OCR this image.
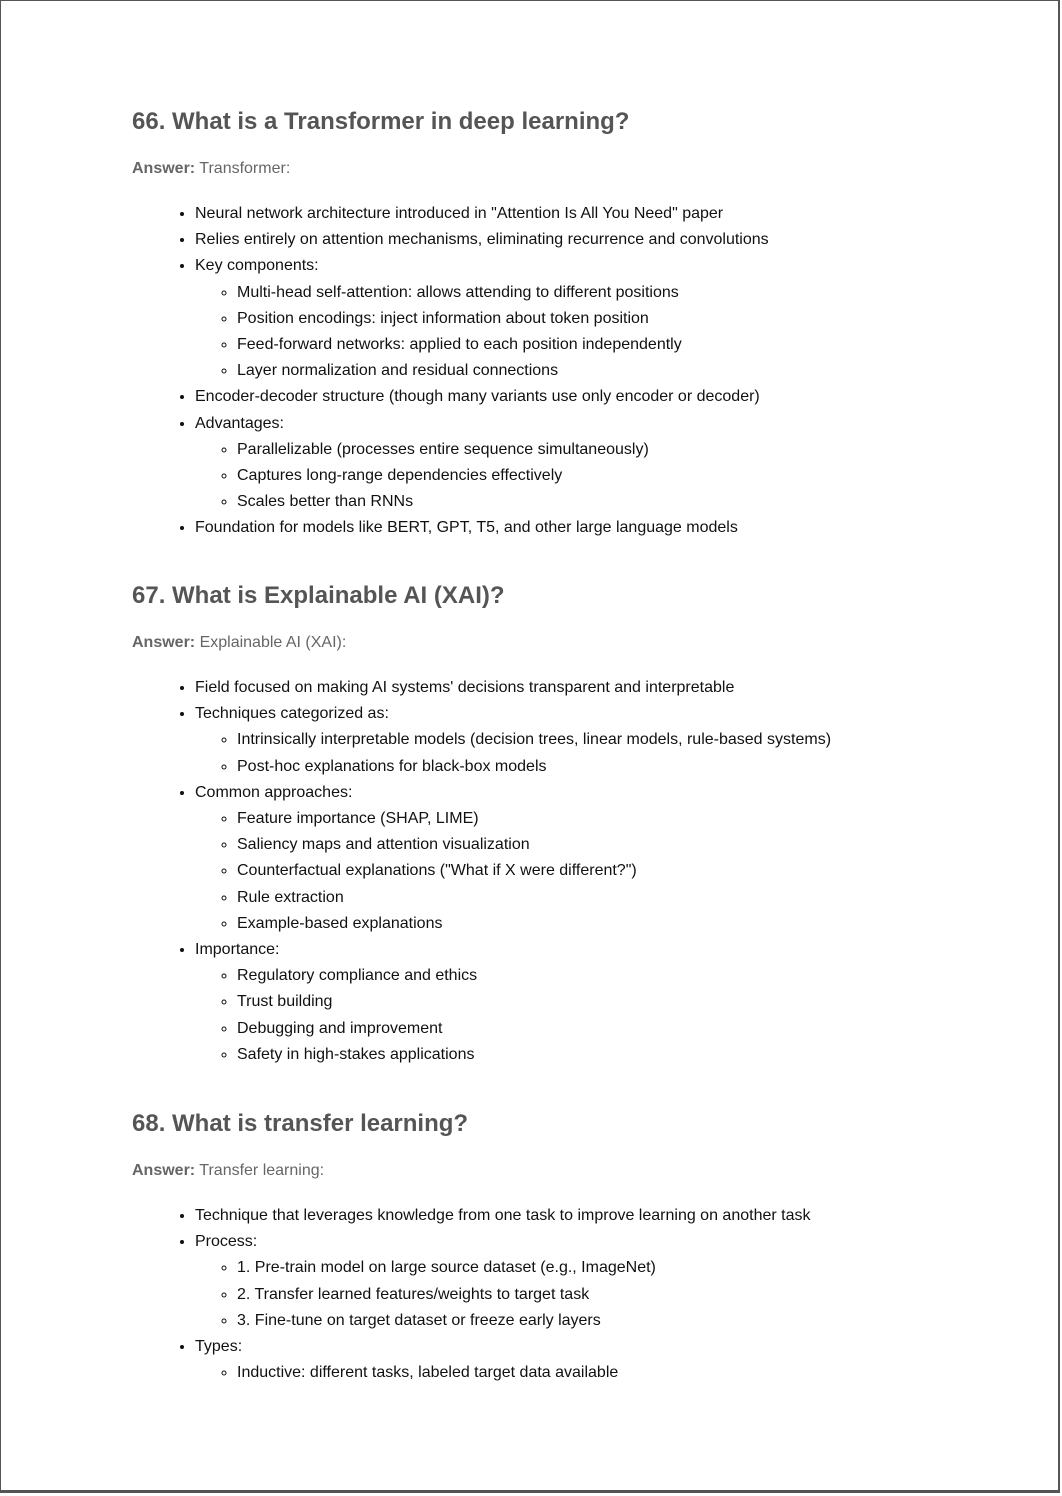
66. What is a Transformer in deep learning?

Answer: Transformer:

• Neural network architecture introduced in "Attention Is All You Need" paper
• Relies entirely on attention mechanisms, eliminating recurrence and convolutions
• Key components:
◦ Multi-head self-attention: allows attending to different positions
◦ Position encodings: inject information about token position
◦ Feed-forward networks: applied to each position independently
◦ Layer normalization and residual connections
• Encoder-decoder structure (though many variants use only encoder or decoder)
• Advantages:
◦ Parallelizable (processes entire sequence simultaneously)
◦ Captures long-range dependencies effectively
◦ Scales better than RNNs
• Foundation for models like BERT, GPT, T5, and other large language models
67. What is Explainable AI (XAI)?

Answer: Explainable AI (XAI):

• Field focused on making AI systems' decisions transparent and interpretable
• Techniques categorized as:
◦ Intrinsically interpretable models (decision trees, linear models, rule-based systems)
◦ Post-hoc explanations for black-box models
• Common approaches:
◦ Feature importance (SHAP, LIME)
◦ Saliency maps and attention visualization
◦ Counterfactual explanations ("What if X were different?")
◦ Rule extraction
◦ Example-based explanations
• Importance:
◦ Regulatory compliance and ethics
◦ Trust building
◦ Debugging and improvement
◦ Safety in high-stakes applications
68. What is transfer learning?

Answer: Transfer learning:

• Technique that leverages knowledge from one task to improve learning on another task
• Process:
◦ 1. Pre-train model on large source dataset (e.g., ImageNet)
◦ 2. Transfer learned features/weights to target task
◦ 3. Fine-tune on target dataset or freeze early layers
• Types:
◦ Inductive: different tasks, labeled target data available
